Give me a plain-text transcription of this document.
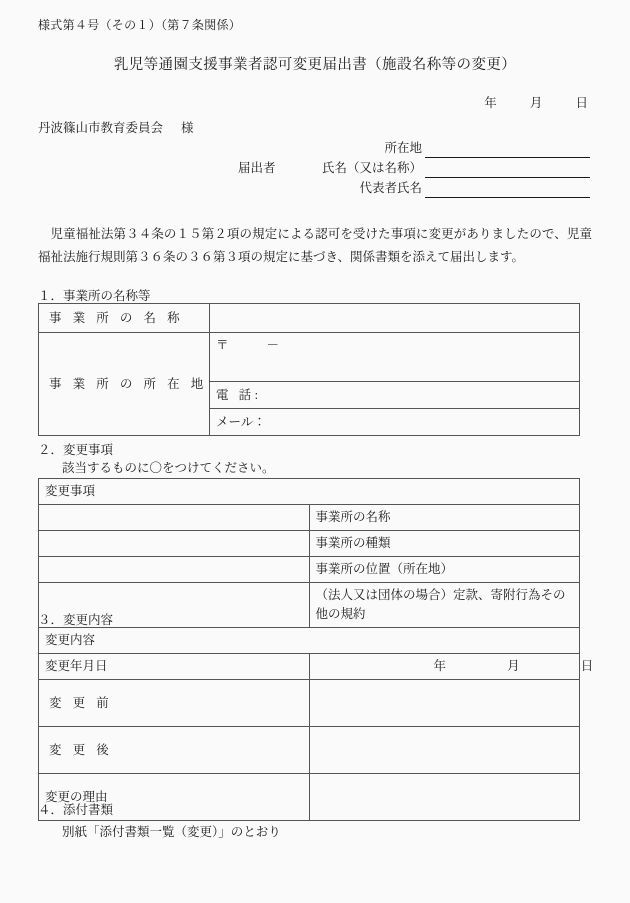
様式第４号（その１）（第７条関係）
乳児等通園支援事業者認可変更届出書（施設名称等の変更）
年	月	日
丹波篠山市教育委員会 様
所在地
届出者	氏名（又は名称）
代表者氏名
児童福祉法第３４条の１５第２項の規定による認可を受けた事項に変更がありましたので、児童福祉法施行規則第３６条の３６第３項の規定に基づき、関係書類を添えて届出します。
１．事業所の名称等
事 業 所 の 名 称	
事 業 所 の 所 在 地	〒 －
	電 話:
	メール：
２．変更事項
該当するものに〇をつけてください。
変更事項	
	事業所の名称
	事業所の種類
	事業所の位置（所在地）
	（法人又は団体の場合）定款、寄附行為その他の規約
３．変更内容
変更内容	
変更年月日	年 月 日
変 更 前	
変 更 後	
変更の理由	
４．添付書類
別紙「添付書類一覧（変更）」のとおり
